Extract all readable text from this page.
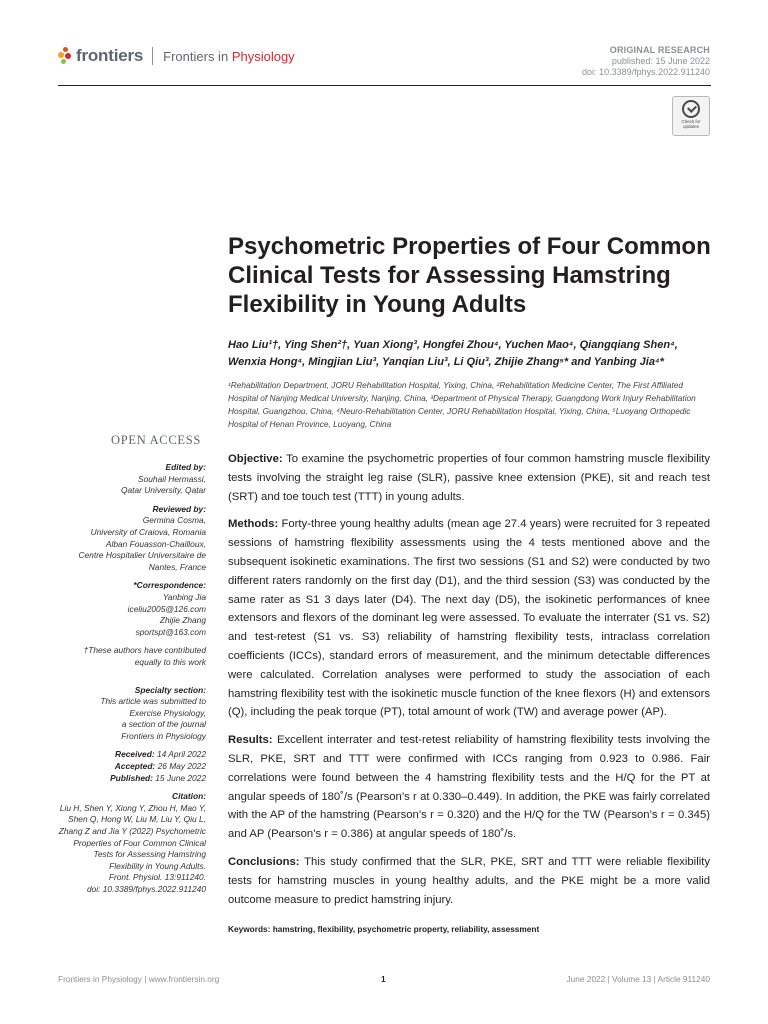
frontiers Frontiers in Physiology	ORIGINAL RESEARCH
published: 15 June 2022
doi: 10.3389/fphys.2022.911240
Check for updates
Psychometric Properties of Four Common Clinical Tests for Assessing Hamstring Flexibility in Young Adults
Hao Liu¹†, Ying Shen²†, Yuan Xiong³, Hongfei Zhou⁴, Yuchen Mao⁴, Qiangqiang Shen⁴,
Wenxia Hong⁴, Mingjian Liu³, Yanqian Liu³, Li Qiu³, Zhijie Zhang⁵* and Yanbing Jia⁴*
¹Rehabilitation Department, JORU Rehabilitation Hospital, Yixing, China, ²Rehabilitation Medicine Center, The First Affiliated Hospital of Nanjing Medical University, Nanjing, China, ³Department of Physical Therapy, Guangdong Work Injury Rehabilitation Hospital, Guangzhou, China, ⁴Neuro-Rehabilitation Center, JORU Rehabilitation Hospital, Yixing, China, ⁵Luoyang Orthopedic Hospital of Henan Province, Luoyang, China
OPEN ACCESS
Edited by:
Souhail Hermassi,
Qatar University, Qatar
Reviewed by:
Germina Cosma,
University of Craiova, Romania
Alban Fouasson-Chailloux,
Centre Hospitalier Universitaire de
Nantes, France
*Correspondence:
Yanbing Jia
iceliu2005@126.com
Zhijie Zhang
sportspt@163.com
†These authors have contributed
equally to this work
Specialty section:
This article was submitted to
Exercise Physiology,
a section of the journal
Frontiers in Physiology
Received: 14 April 2022
Accepted: 26 May 2022
Published: 15 June 2022
Citation:
Liu H, Shen Y, Xiong Y, Zhou H, Mao Y,
Shen Q, Hong W, Liu M, Liu Y, Qiu L,
Zhang Z and Jia Y (2022) Psychometric
Properties of Four Common Clinical
Tests for Assessing Hamstring
Flexibility in Young Adults.
Front. Physiol. 13:911240.
doi: 10.3389/fphys.2022.911240

Objective: To examine the psychometric properties of four common hamstring muscle flexibility tests involving the straight leg raise (SLR), passive knee extension (PKE), sit and reach test (SRT) and toe touch test (TTT) in young adults.

Methods: Forty-three young healthy adults (mean age 27.4 years) were recruited for 3 repeated sessions of hamstring flexibility assessments using the 4 tests mentioned above and the subsequent isokinetic examinations. The first two sessions (S1 and S2) were conducted by two different raters randomly on the first day (D1), and the third session (S3) was conducted by the same rater as S1 3 days later (D4). The next day (D5), the isokinetic performances of knee extensors and flexors of the dominant leg were assessed. To evaluate the interrater (S1 vs. S2) and test-retest (S1 vs. S3) reliability of hamstring flexibility tests, intraclass correlation coefficients (ICCs), standard errors of measurement, and the minimum detectable differences were calculated. Correlation analyses were performed to study the association of each hamstring flexibility test with the isokinetic muscle function of the knee flexors (H) and extensors (Q), including the peak torque (PT), total amount of work (TW) and average power (AP).

Results: Excellent interrater and test-retest reliability of hamstring flexibility tests involving the SLR, PKE, SRT and TTT were confirmed with ICCs ranging from 0.923 to 0.986. Fair correlations were found between the 4 hamstring flexibility tests and the H/Q for the PT at angular speeds of 180˚/s (Pearson’s r at 0.330–0.449). In addition, the PKE was fairly correlated with the AP of the hamstring (Pearson’s r = 0.320) and the H/Q for the TW (Pearson’s r = 0.345) and AP (Pearson’s r = 0.386) at angular speeds of 180˚/s.

Conclusions: This study confirmed that the SLR, PKE, SRT and TTT were reliable flexibility tests for hamstring muscles in young healthy adults, and the PKE might be a more valid outcome measure to predict hamstring injury.

Keywords: hamstring, flexibility, psychometric property, reliability, assessment
Frontiers in Physiology | www.frontiersin.org	1	June 2022 | Volume 13 | Article 911240
